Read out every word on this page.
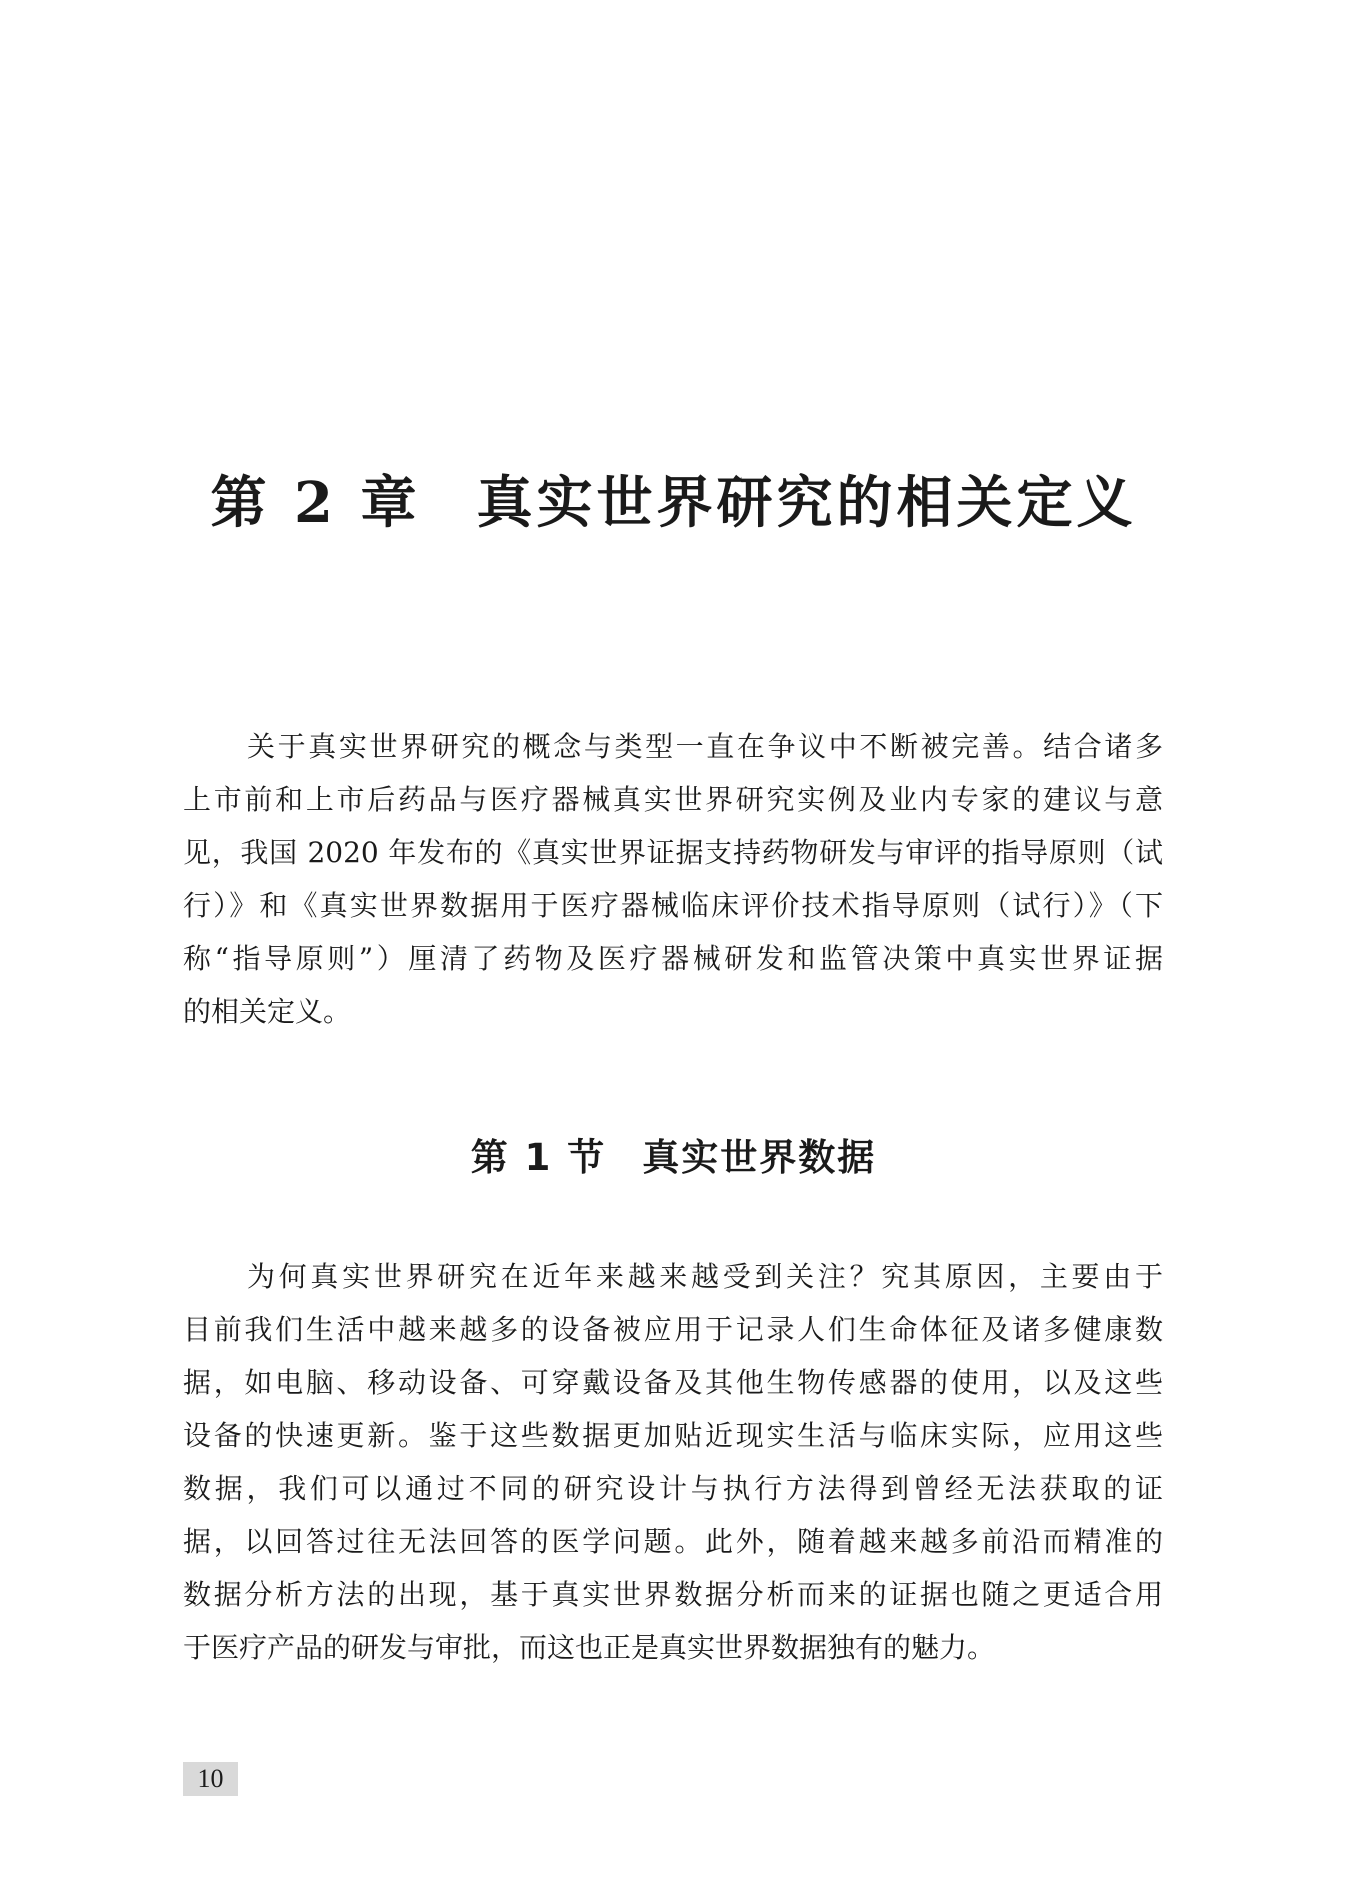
第 2 章 真实世界研究的相关定义
关于真实世界研究的概念与类型一直在争议中不断被完善。结合诸多
上市前和上市后药品与医疗器械真实世界研究实例及业内专家的建议与意
见，我国 2020 年发布的《真实世界证据支持药物研发与审评的指导原则（试
行）》和《真实世界数据用于医疗器械临床评价技术指导原则（试行）》（下
称“指导原则”）厘清了药物及医疗器械研发和监管决策中真实世界证据
的相关定义。
第 1 节 真实世界数据
为何真实世界研究在近年来越来越受到关注？究其原因，主要由于
目前我们生活中越来越多的设备被应用于记录人们生命体征及诸多健康数
据，如电脑、移动设备、可穿戴设备及其他生物传感器的使用，以及这些
设备的快速更新。鉴于这些数据更加贴近现实生活与临床实际，应用这些
数据，我们可以通过不同的研究设计与执行方法得到曾经无法获取的证
据，以回答过往无法回答的医学问题。此外，随着越来越多前沿而精准的
数据分析方法的出现，基于真实世界数据分析而来的证据也随之更适合用
于医疗产品的研发与审批，而这也正是真实世界数据独有的魅力。
10
